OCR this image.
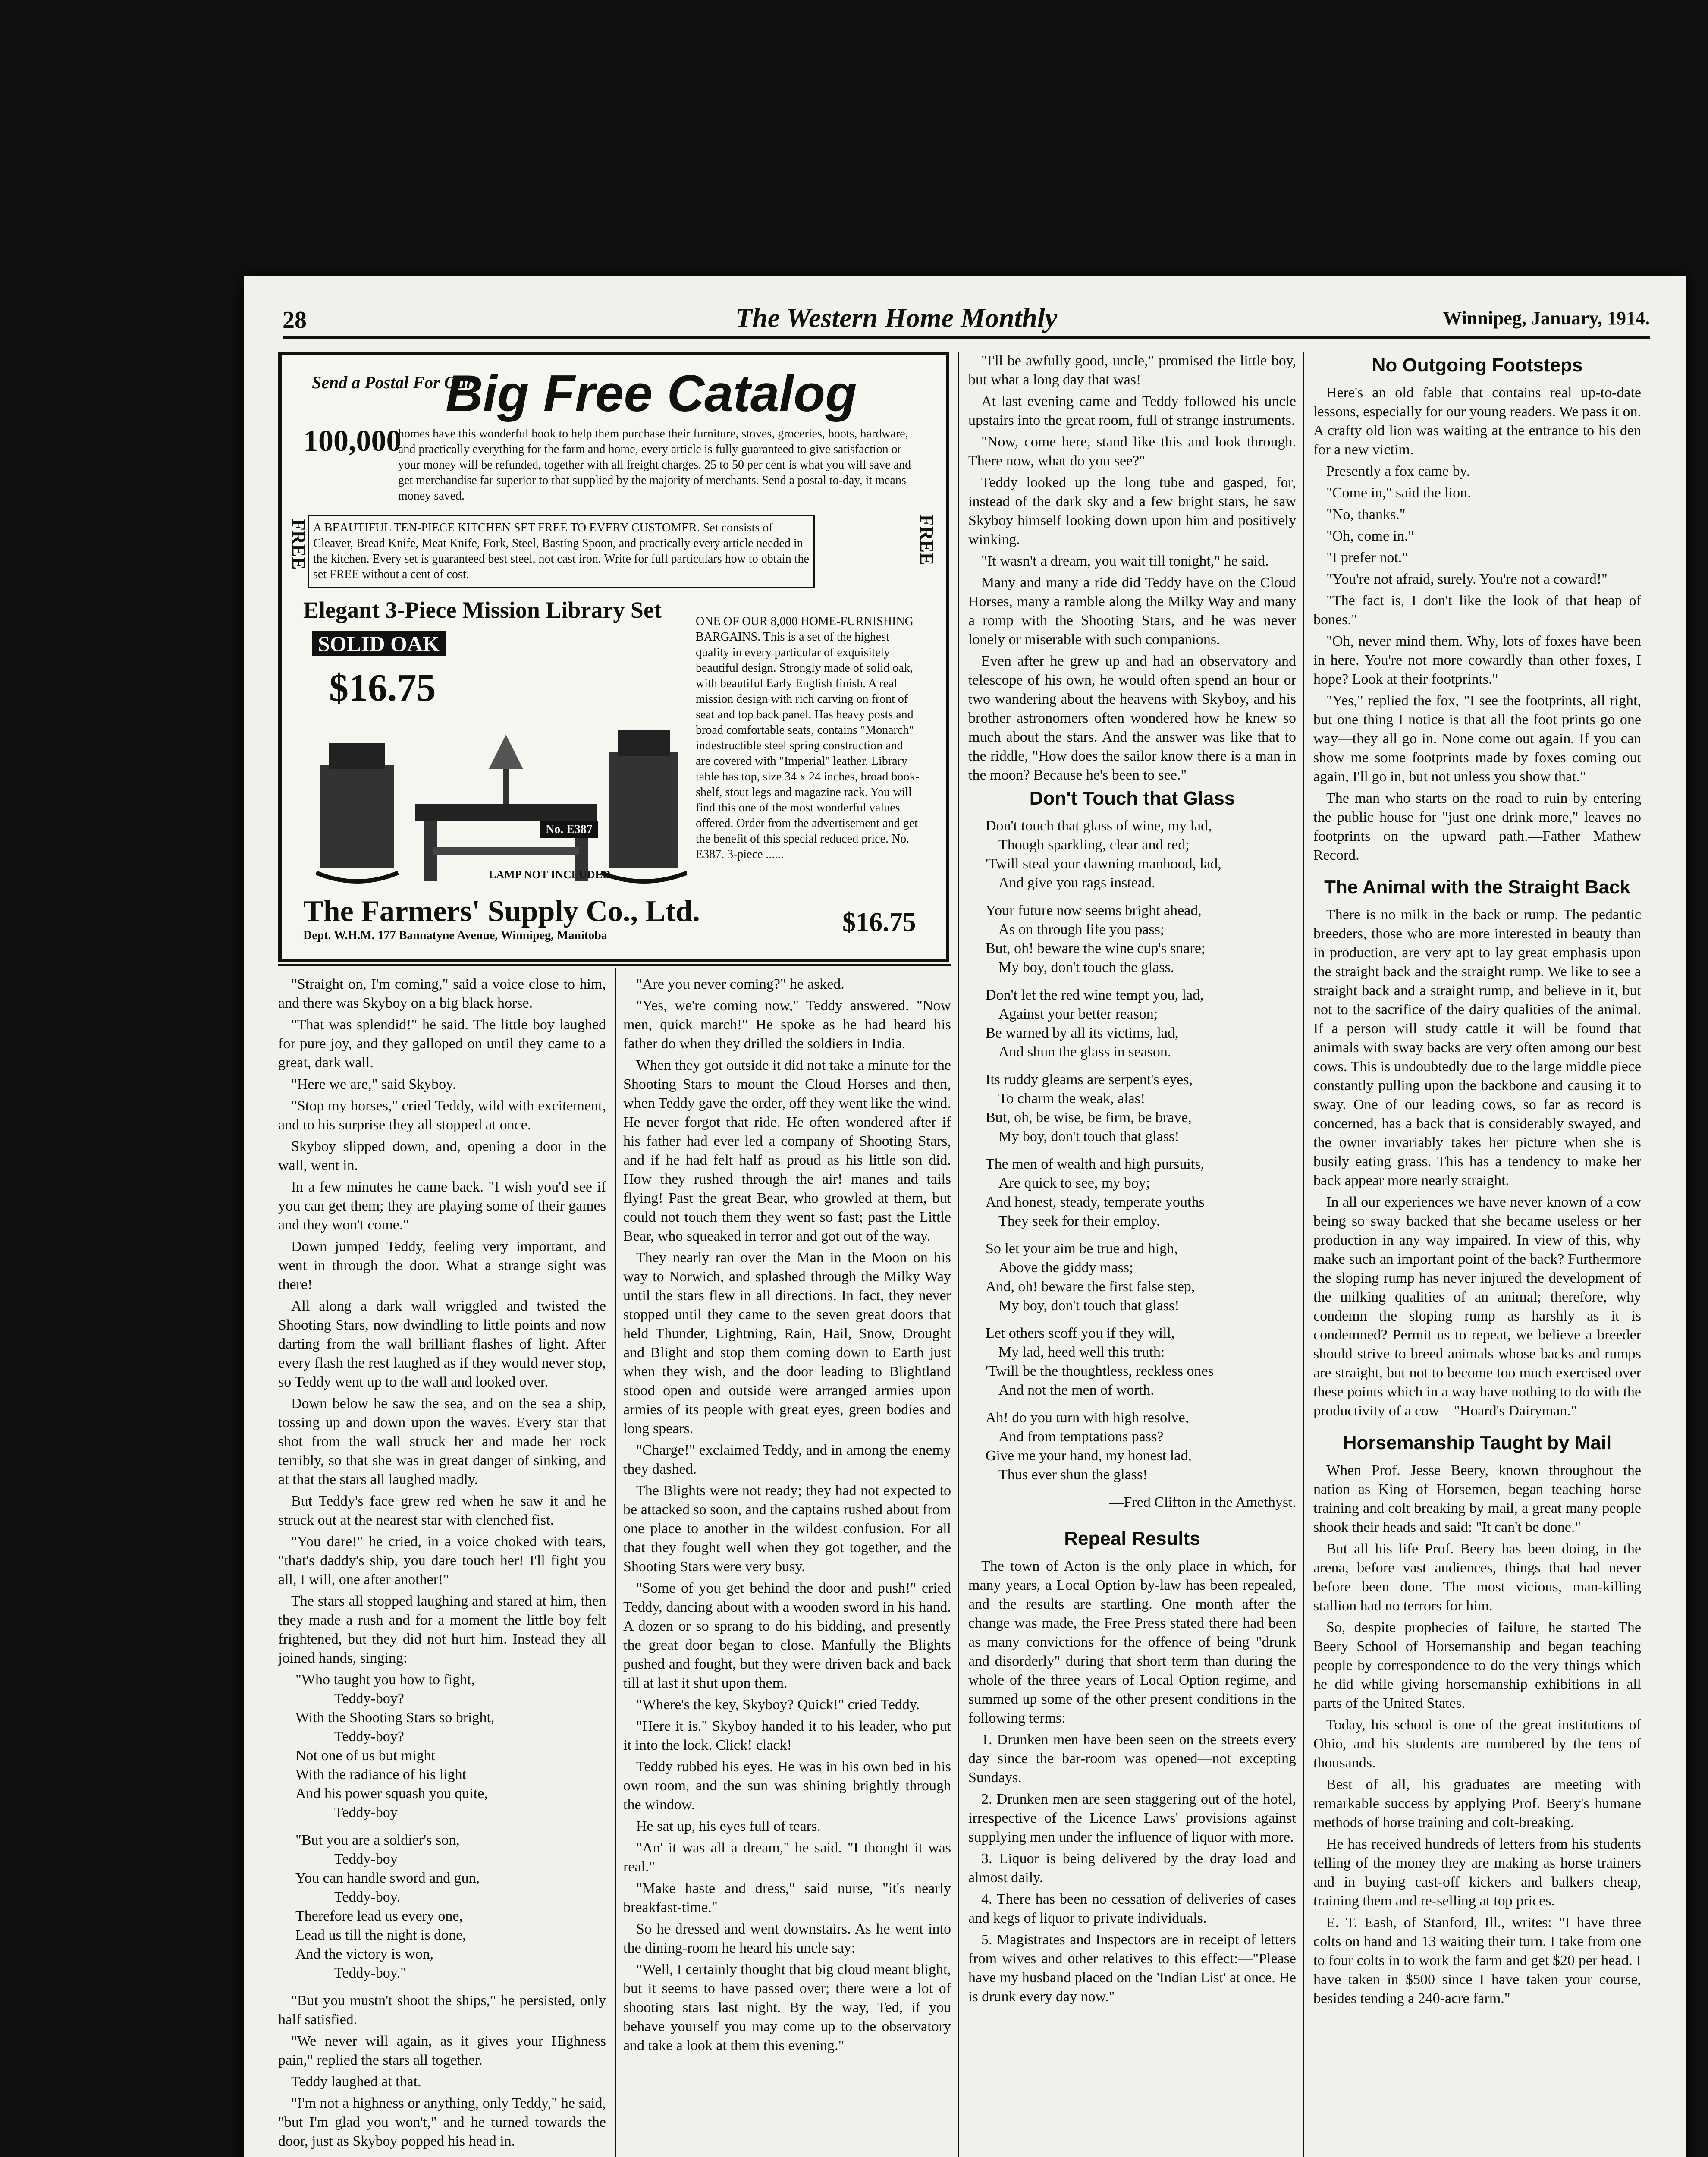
28	The Western Home Monthly	Winnipeg, January, 1914.
Send a Postal For Our
Big Free Catalog
100,000
homes have this wonderful book to help them purchase their furniture, stoves, groceries, boots, hardware, and practically everything for the farm and home, every article is fully guaranteed to give satisfaction or your money will be refunded, together with all freight charges. 25 to 50 per cent is what you will save and get merchandise far superior to that supplied by the majority of merchants. Send a postal to-day, it means money saved.
FREE	FREE
A BEAUTIFUL TEN-PIECE KITCHEN SET FREE TO EVERY CUSTOMER. Set consists of Cleaver, Bread Knife, Meat Knife, Fork, Steel, Basting Spoon, and practically every article needed in the kitchen. Every set is guaranteed best steel, not cast iron. Write for full particulars how to obtain the set FREE without a cent of cost.
Elegant 3-Piece Mission Library Set
SOLID OAK
$16.75
No. E387
LAMP NOT INCLUDED
ONE OF OUR 8,000 HOME-FURNISHING BARGAINS. This is a set of the highest quality in every particular of exquisitely beautiful design. Strongly made of solid oak, with beautiful Early English finish. A real mission design with rich carving on front of seat and top back panel. Has heavy posts and broad comfortable seats, contains "Monarch" indestructible steel spring construction and are covered with "Imperial" leather. Library table has top, size 34 x 24 inches, broad book-shelf, stout legs and magazine rack. You will find this one of the most wonderful values offered. Order from the advertisement and get the benefit of this special reduced price. No. E387. 3-piece ......
$16.75
The Farmers' Supply Co., Ltd.
Dept. W.H.M. 177 Bannatyne Avenue, Winnipeg, Manitoba

"Straight on, I'm coming," said a voice close to him, and there was Skyboy on a big black horse.

"That was splendid!" he said. The little boy laughed for pure joy, and they galloped on until they came to a great, dark wall.

"Here we are," said Skyboy.

"Stop my horses," cried Teddy, wild with excitement, and to his surprise they all stopped at once.

Skyboy slipped down, and, opening a door in the wall, went in.

In a few minutes he came back. "I wish you'd see if you can get them; they are playing some of their games and they won't come."

Down jumped Teddy, feeling very important, and went in through the door. What a strange sight was there!

All along a dark wall wriggled and twisted the Shooting Stars, now dwindling to little points and now darting from the wall brilliant flashes of light. After every flash the rest laughed as if they would never stop, so Teddy went up to the wall and looked over.

Down below he saw the sea, and on the sea a ship, tossing up and down upon the waves. Every star that shot from the wall struck her and made her rock terribly, so that she was in great danger of sinking, and at that the stars all laughed madly.

But Teddy's face grew red when he saw it and he struck out at the nearest star with clenched fist.

"You dare!" he cried, in a voice choked with tears, "that's daddy's ship, you dare touch her! I'll fight you all, I will, one after another!"

The stars all stopped laughing and stared at him, then they made a rush and for a moment the little boy felt frightened, but they did not hurt him. Instead they all joined hands, singing:

"Who taught you how to fight,
Teddy-boy?
With the Shooting Stars so bright,
Teddy-boy?
Not one of us but might
With the radiance of his light
And his power squash you quite,
Teddy-boy
"But you are a soldier's son,
Teddy-boy
You can handle sword and gun,
Teddy-boy.
Therefore lead us every one,
Lead us till the night is done,
And the victory is won,
Teddy-boy."

"But you mustn't shoot the ships," he persisted, only half satisfied.

"We never will again, as it gives your Highness pain," replied the stars all together.

Teddy laughed at that.

"I'm not a highness or anything, only Teddy," he said, "but I'm glad you won't," and he turned towards the door, just as Skyboy popped his head in.

"Are you never coming?" he asked.

"Yes, we're coming now," Teddy answered. "Now men, quick march!" He spoke as he had heard his father do when they drilled the soldiers in India.

When they got outside it did not take a minute for the Shooting Stars to mount the Cloud Horses and then, when Teddy gave the order, off they went like the wind. He never forgot that ride. He often wondered after if his father had ever led a company of Shooting Stars, and if he had felt half as proud as his little son did. How they rushed through the air! manes and tails flying! Past the great Bear, who growled at them, but could not touch them they went so fast; past the Little Bear, who squeaked in terror and got out of the way.

They nearly ran over the Man in the Moon on his way to Norwich, and splashed through the Milky Way until the stars flew in all directions. In fact, they never stopped until they came to the seven great doors that held Thunder, Lightning, Rain, Hail, Snow, Drought and Blight and stop them coming down to Earth just when they wish, and the door leading to Blightland stood open and outside were arranged armies upon armies of its people with great eyes, green bodies and long spears.

"Charge!" exclaimed Teddy, and in among the enemy they dashed.

The Blights were not ready; they had not expected to be attacked so soon, and the captains rushed about from one place to another in the wildest confusion. For all that they fought well when they got together, and the Shooting Stars were very busy.

"Some of you get behind the door and push!" cried Teddy, dancing about with a wooden sword in his hand. A dozen or so sprang to do his bidding, and presently the great door began to close. Manfully the Blights pushed and fought, but they were driven back and back till at last it shut upon them.

"Where's the key, Skyboy? Quick!" cried Teddy.

"Here it is." Skyboy handed it to his leader, who put it into the lock. Click! clack!

Teddy rubbed his eyes. He was in his own bed in his own room, and the sun was shining brightly through the window.

He sat up, his eyes full of tears.

"An' it was all a dream," he said. "I thought it was real."

"Make haste and dress," said nurse, "it's nearly breakfast-time."

So he dressed and went downstairs. As he went into the dining-room he heard his uncle say:

"Well, I certainly thought that big cloud meant blight, but it seems to have passed over; there were a lot of shooting stars last night. By the way, Ted, if you behave yourself you may come up to the observatory and take a look at them this evening."

"I'll be awfully good, uncle," promised the little boy, but what a long day that was!

At last evening came and Teddy followed his uncle upstairs into the great room, full of strange instruments.

"Now, come here, stand like this and look through. There now, what do you see?"

Teddy looked up the long tube and gasped, for, instead of the dark sky and a few bright stars, he saw Skyboy himself looking down upon him and positively winking.

"It wasn't a dream, you wait till tonight," he said.

Many and many a ride did Teddy have on the Cloud Horses, many a ramble along the Milky Way and many a romp with the Shooting Stars, and he was never lonely or miserable with such companions.

Even after he grew up and had an observatory and telescope of his own, he would often spend an hour or two wandering about the heavens with Skyboy, and his brother astronomers often wondered how he knew so much about the stars. And the answer was like that to the riddle, "How does the sailor know there is a man in the moon? Because he's been to see."

Don't Touch that Glass
Don't touch that glass of wine, my lad,
Though sparkling, clear and red;
'Twill steal your dawning manhood, lad,
And give you rags instead.
Your future now seems bright ahead,
As on through life you pass;
But, oh! beware the wine cup's snare;
My boy, don't touch the glass.
Don't let the red wine tempt you, lad,
Against your better reason;
Be warned by all its victims, lad,
And shun the glass in season.
Its ruddy gleams are serpent's eyes,
To charm the weak, alas!
But, oh, be wise, be firm, be brave,
My boy, don't touch that glass!
The men of wealth and high pursuits,
Are quick to see, my boy;
And honest, steady, temperate youths
They seek for their employ.
So let your aim be true and high,
Above the giddy mass;
And, oh! beware the first false step,
My boy, don't touch that glass!
Let others scoff you if they will,
My lad, heed well this truth:
'Twill be the thoughtless, reckless ones
And not the men of worth.
Ah! do you turn with high resolve,
And from temptations pass?
Give me your hand, my honest lad,
Thus ever shun the glass!
—Fred Clifton in the Amethyst.
Repeal Results

The town of Acton is the only place in which, for many years, a Local Option by-law has been repealed, and the results are startling. One month after the change was made, the Free Press stated there had been as many convictions for the offence of being "drunk and disorderly" during that short term than during the whole of the three years of Local Option regime, and summed up some of the other present conditions in the following terms:

1. Drunken men have been seen on the streets every day since the bar-room was opened—not excepting Sundays.

2. Drunken men are seen staggering out of the hotel, irrespective of the Licence Laws' provisions against supplying men under the influence of liquor with more.

3. Liquor is being delivered by the dray load and almost daily.

4. There has been no cessation of deliveries of cases and kegs of liquor to private individuals.

5. Magistrates and Inspectors are in receipt of letters from wives and other relatives to this effect:—"Please have my husband placed on the 'Indian List' at once. He is drunk every day now."

No Outgoing Footsteps

Here's an old fable that contains real up-to-date lessons, especially for our young readers. We pass it on. A crafty old lion was waiting at the entrance to his den for a new victim.

Presently a fox came by.

"Come in," said the lion.

"No, thanks."

"Oh, come in."

"I prefer not."

"You're not afraid, surely. You're not a coward!"

"The fact is, I don't like the look of that heap of bones."

"Oh, never mind them. Why, lots of foxes have been in here. You're not more cowardly than other foxes, I hope? Look at their footprints."

"Yes," replied the fox, "I see the footprints, all right, but one thing I notice is that all the foot prints go one way—they all go in. None come out again. If you can show me some footprints made by foxes coming out again, I'll go in, but not unless you show that."

The man who starts on the road to ruin by entering the public house for "just one drink more," leaves no footprints on the upward path.—Father Mathew Record.

The Animal with the Straight Back

There is no milk in the back or rump. The pedantic breeders, those who are more interested in beauty than in production, are very apt to lay great emphasis upon the straight back and the straight rump. We like to see a straight back and a straight rump, and believe in it, but not to the sacrifice of the dairy qualities of the animal. If a person will study cattle it will be found that animals with sway backs are very often among our best cows. This is undoubtedly due to the large middle piece constantly pulling upon the backbone and causing it to sway. One of our leading cows, so far as record is concerned, has a back that is considerably swayed, and the owner invariably takes her picture when she is busily eating grass. This has a tendency to make her back appear more nearly straight.

In all our experiences we have never known of a cow being so sway backed that she became useless or her production in any way impaired. In view of this, why make such an important point of the back? Furthermore the sloping rump has never injured the development of the milking qualities of an animal; therefore, why condemn the sloping rump as harshly as it is condemned? Permit us to repeat, we believe a breeder should strive to breed animals whose backs and rumps are straight, but not to become too much exercised over these points which in a way have nothing to do with the productivity of a cow—"Hoard's Dairyman."

Horsemanship Taught by Mail

When Prof. Jesse Beery, known throughout the nation as King of Horsemen, began teaching horse training and colt breaking by mail, a great many people shook their heads and said: "It can't be done."

But all his life Prof. Beery has been doing, in the arena, before vast audiences, things that had never before been done. The most vicious, man-killing stallion had no terrors for him.

So, despite prophecies of failure, he started The Beery School of Horsemanship and began teaching people by correspondence to do the very things which he did while giving horsemanship exhibitions in all parts of the United States.

Today, his school is one of the great institutions of Ohio, and his students are numbered by the tens of thousands.

Best of all, his graduates are meeting with remarkable success by applying Prof. Beery's humane methods of horse training and colt-breaking.

He has received hundreds of letters from his students telling of the money they are making as horse trainers and in buying cast-off kickers and balkers cheap, training them and re-selling at top prices.

E. T. Eash, of Stanford, Ill., writes: "I have three colts on hand and 13 waiting their turn. I take from one to four colts in to work the farm and get $20 per head. I have taken in $500 since I have taken your course, besides tending a 240-acre farm."
